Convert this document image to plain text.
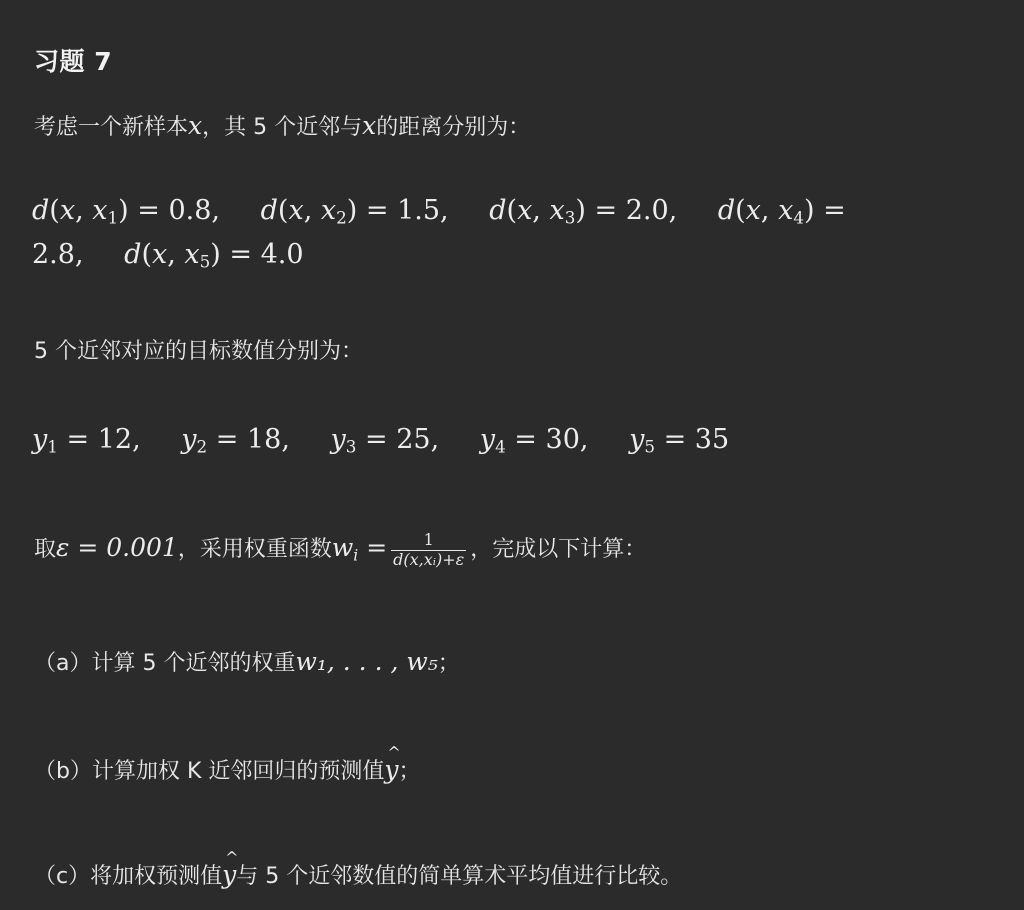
习题 7
考虑一个新样本x，其 5 个近邻与x的距离分别为：
d(x, $x_1) = 0.8$, d(x, $x_2) = 1.5$, d(x, $x_3) = 2.0$, d(x, $x_4$) =
2.8, d(x, $x_5) = 4.0$
5 个近邻对应的目标数值分别为：
$y_1 = 12$, $y_2 = 18$, $y_3 = 25$, $y_4 = 30$, $y_5 = 35$
取ε = 0.001，采用权重函数$w_i = \frac{1}{\text{d(x,xᵢ)+ε}}$ ，完成以下计算：
（a）计算 5 个近邻的权重w₁, . . . , w₅；
（b）计算加权 K 近邻回归的预测值^ y；
（c）将加权预测值^ y与 5 个近邻数值的简单算术平均值进行比较。
